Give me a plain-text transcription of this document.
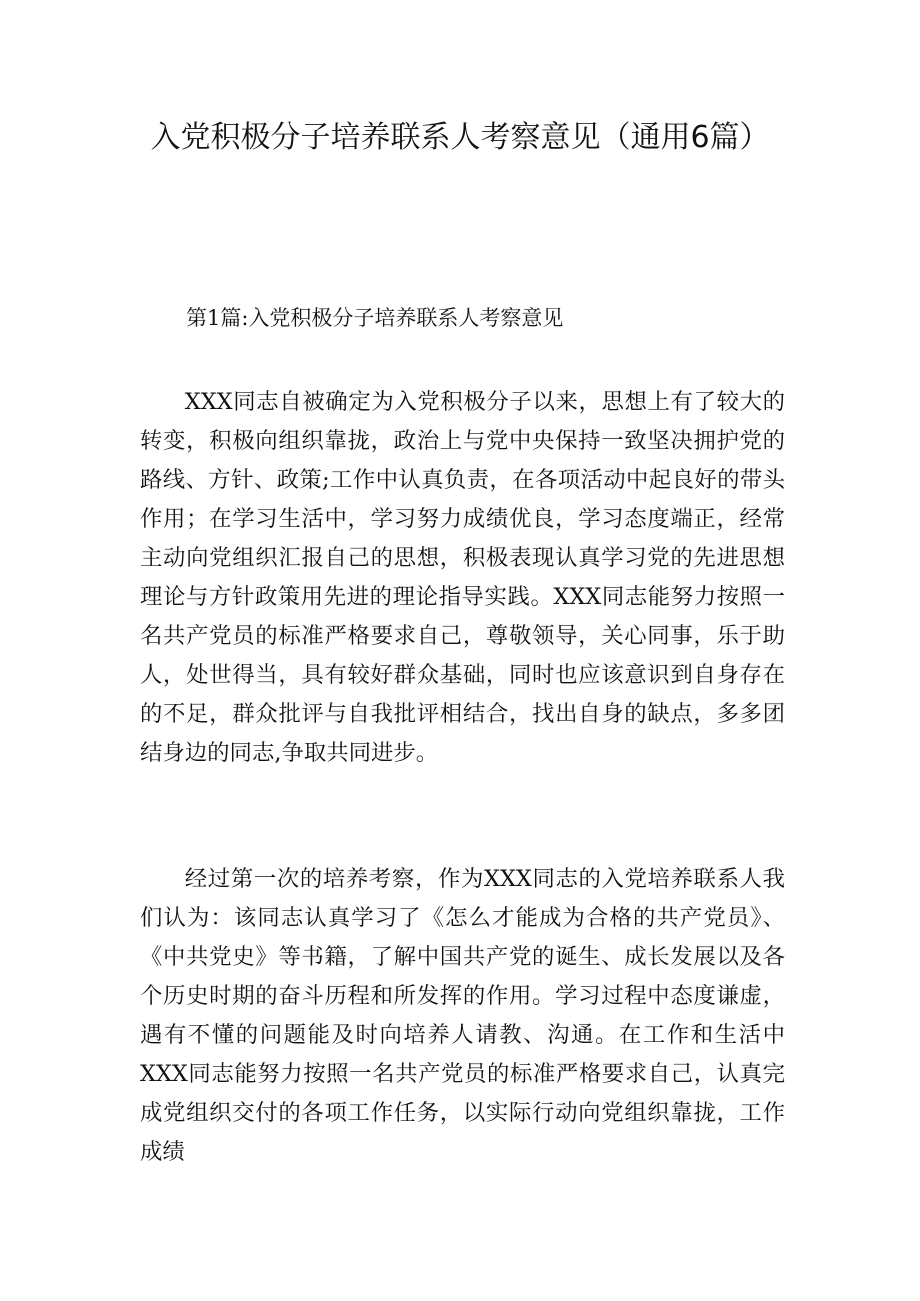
入党积极分子培养联系人考察意见（通用6篇）
第1篇:入党积极分子培养联系人考察意见

XXX同志自被确定为入党积极分子以来，思想上有了较大的转变，积极向组织靠拢，政治上与党中央保持一致坚决拥护党的路线、方针、政策;工作中认真负责，在各项活动中起良好的带头作用；在学习生活中，学习努力成绩优良，学习态度端正，经常主动向党组织汇报自己的思想，积极表现认真学习党的先进思想理论与方针政策用先进的理论指导实践。XXX同志能努力按照一名共产党员的标准严格要求自己，尊敬领导，关心同事，乐于助人，处世得当，具有较好群众基础，同时也应该意识到自身存在的不足，群众批评与自我批评相结合，找出自身的缺点，多多团结身边的同志,争取共同进步。

经过第一次的培养考察，作为XXX同志的入党培养联系人我们认为：该同志认真学习了《怎么才能成为合格的共产党员》、《中共党史》等书籍，了解中国共产党的诞生、成长发展以及各个历史时期的奋斗历程和所发挥的作用。学习过程中态度谦虚，遇有不懂的问题能及时向培养人请教、沟通。在工作和生活中XXX同志能努力按照一名共产党员的标准严格要求自己，认真完成党组织交付的各项工作任务，以实际行动向党组织靠拢，工作成绩
